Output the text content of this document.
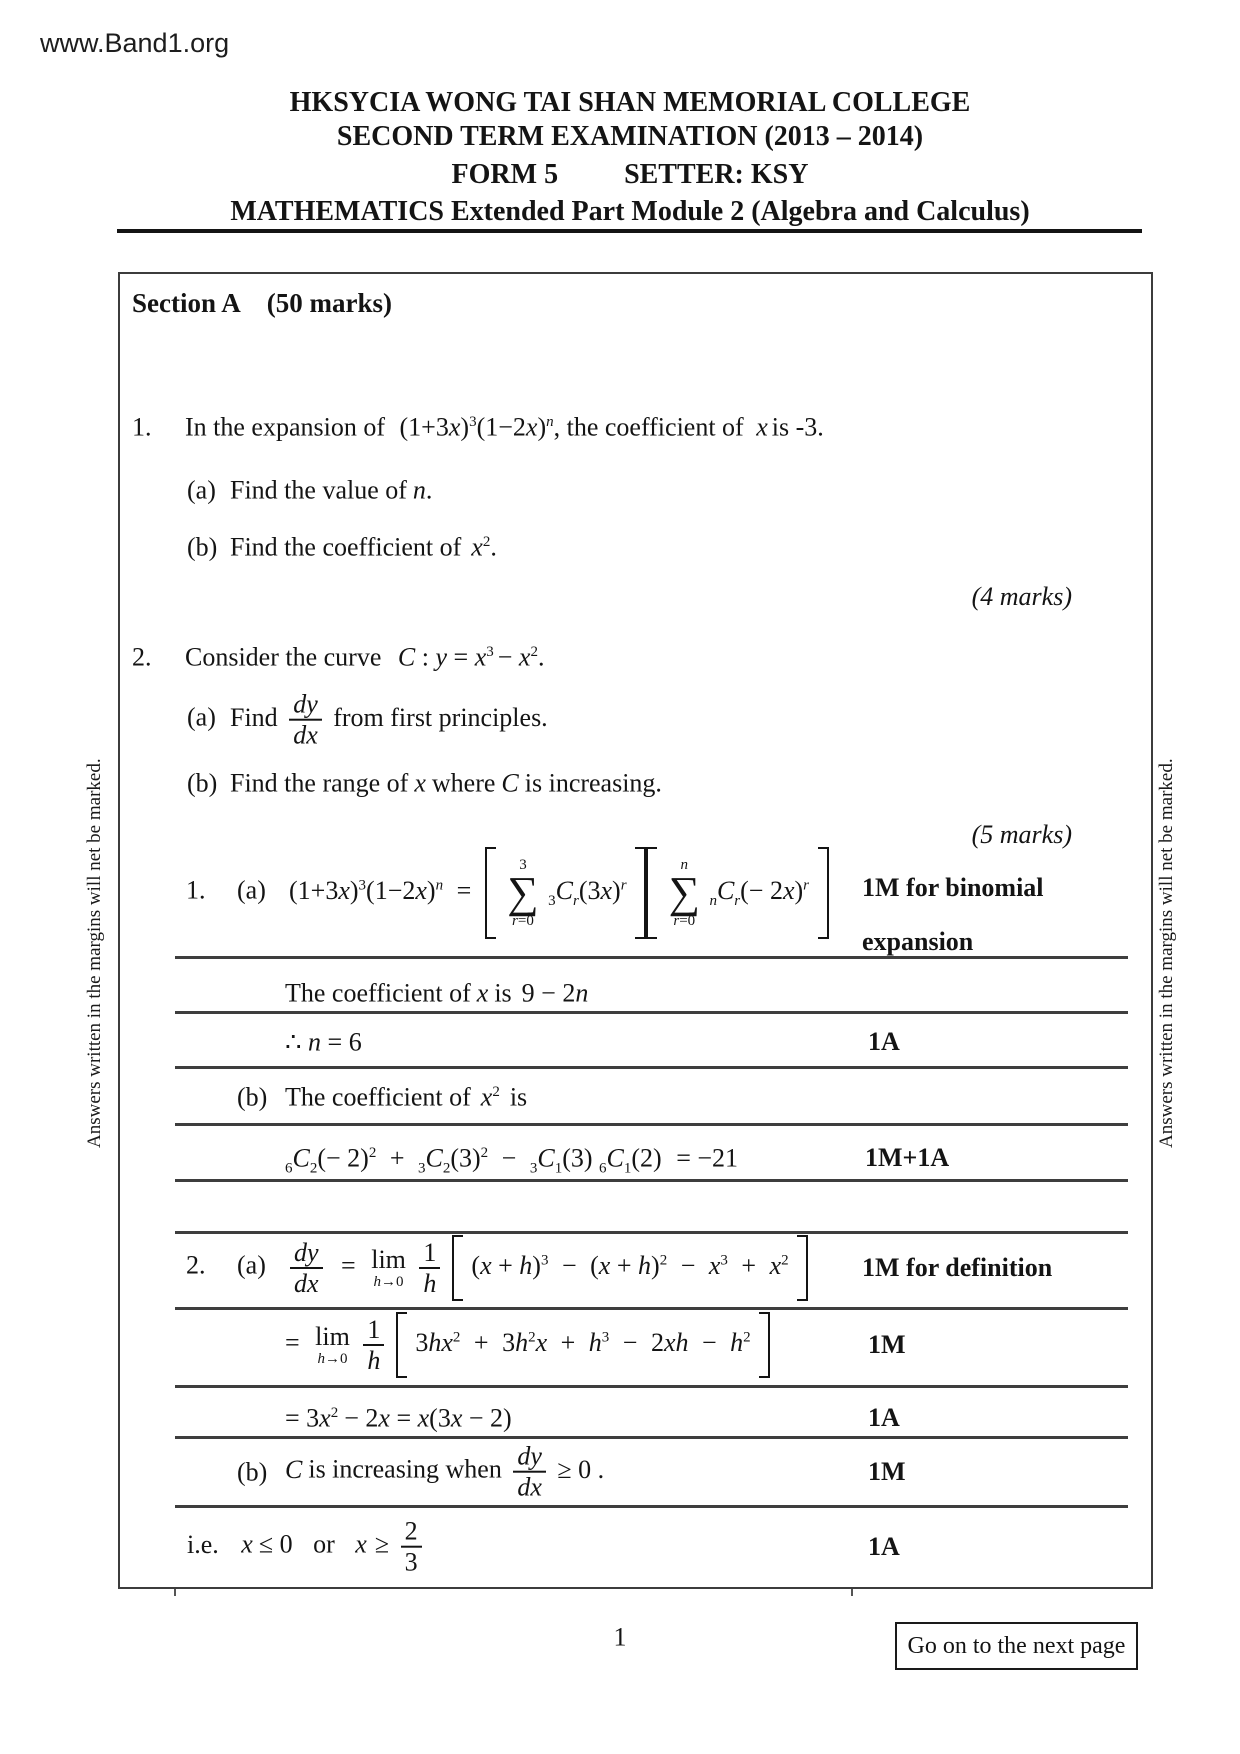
www.Band1.org
HKSYCIA WONG TAI SHAN MEMORIAL COLLEGE
SECOND TERM EXAMINATION (2013 – 2014)
FORM 5 SETTER: KSY
MATHEMATICS Extended Part Module 2 (Algebra and Calculus)
Answers written in the margins will net be marked.	Answers written in the margins will net be marked.
Section A (50 marks)
1. In the expansion of $(1+3x)^3(1-2x)^n$, the coefficient of x is -3.
(a) Find the value of n.
(b) Find the coefficient of $x^2$.
(4 marks)
2. Consider the curve C : $y = x^3 - x^2$.
(a) Find $\frac{dy}{dx}$ from first principles.
(b) Find the range of x where C is increasing.
(5 marks)
1. (a) $(1+3x)^3(1-2x)^n$ =
3
∑
r=0
$_3C_r(3x)^r$
n
∑
r=0
$_nC_r(- 2x)^r$	1M for binomial
expansion
The coefficient of x is 9 − 2n
∴ n = 6	1A
(b) The coefficient of $x^2$ is
$_6C_2(- 2)^2 + _3C_2(3)^2 - _3C_1(3) _6C_1(2) = -21$	1M+1A
2. $(a) \frac{dy}{dx} = \lim$
h→0
$\frac{1}{h} (x + h)^3 - (x + h)^2 - x^3 + x^2$	1M for definition
= lim
h→0
$\frac{1}{h} 3hx^2 + 3h^2x + h^3 - 2xh - h^2$	1M
= $3x^2 - 2x = x(3x - 2)$	1A
(b) C is increasing when $\frac{dy}{dx} \ge 0$ .	1M
i.e. x ≤ 0 or $x \ge \frac{2}{3}$	1A
1	Go on to the next page
